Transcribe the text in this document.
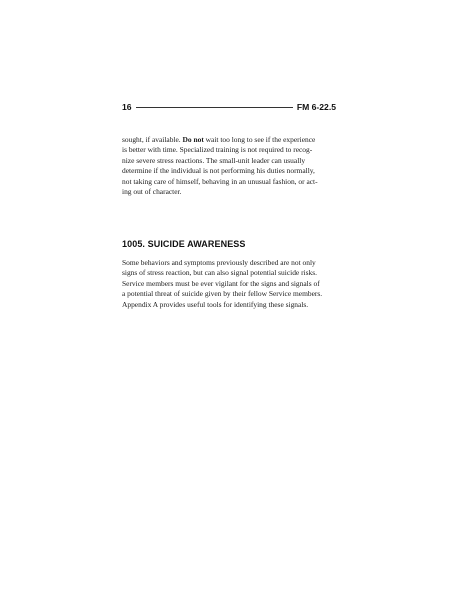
16	FM 6-22.5
sought, if available. Do not wait too long to see if the experience
is better with time. Specialized training is not required to recog-
nize severe stress reactions. The small-unit leader can usually
determine if the individual is not performing his duties normally,
not taking care of himself, behaving in an unusual fashion, or act-
ing out of character.
1005. SUICIDE AWARENESS
Some behaviors and symptoms previously described are not only
signs of stress reaction, but can also signal potential suicide risks.
Service members must be ever vigilant for the signs and signals of
a potential threat of suicide given by their fellow Service members.
Appendix A provides useful tools for identifying these signals.
